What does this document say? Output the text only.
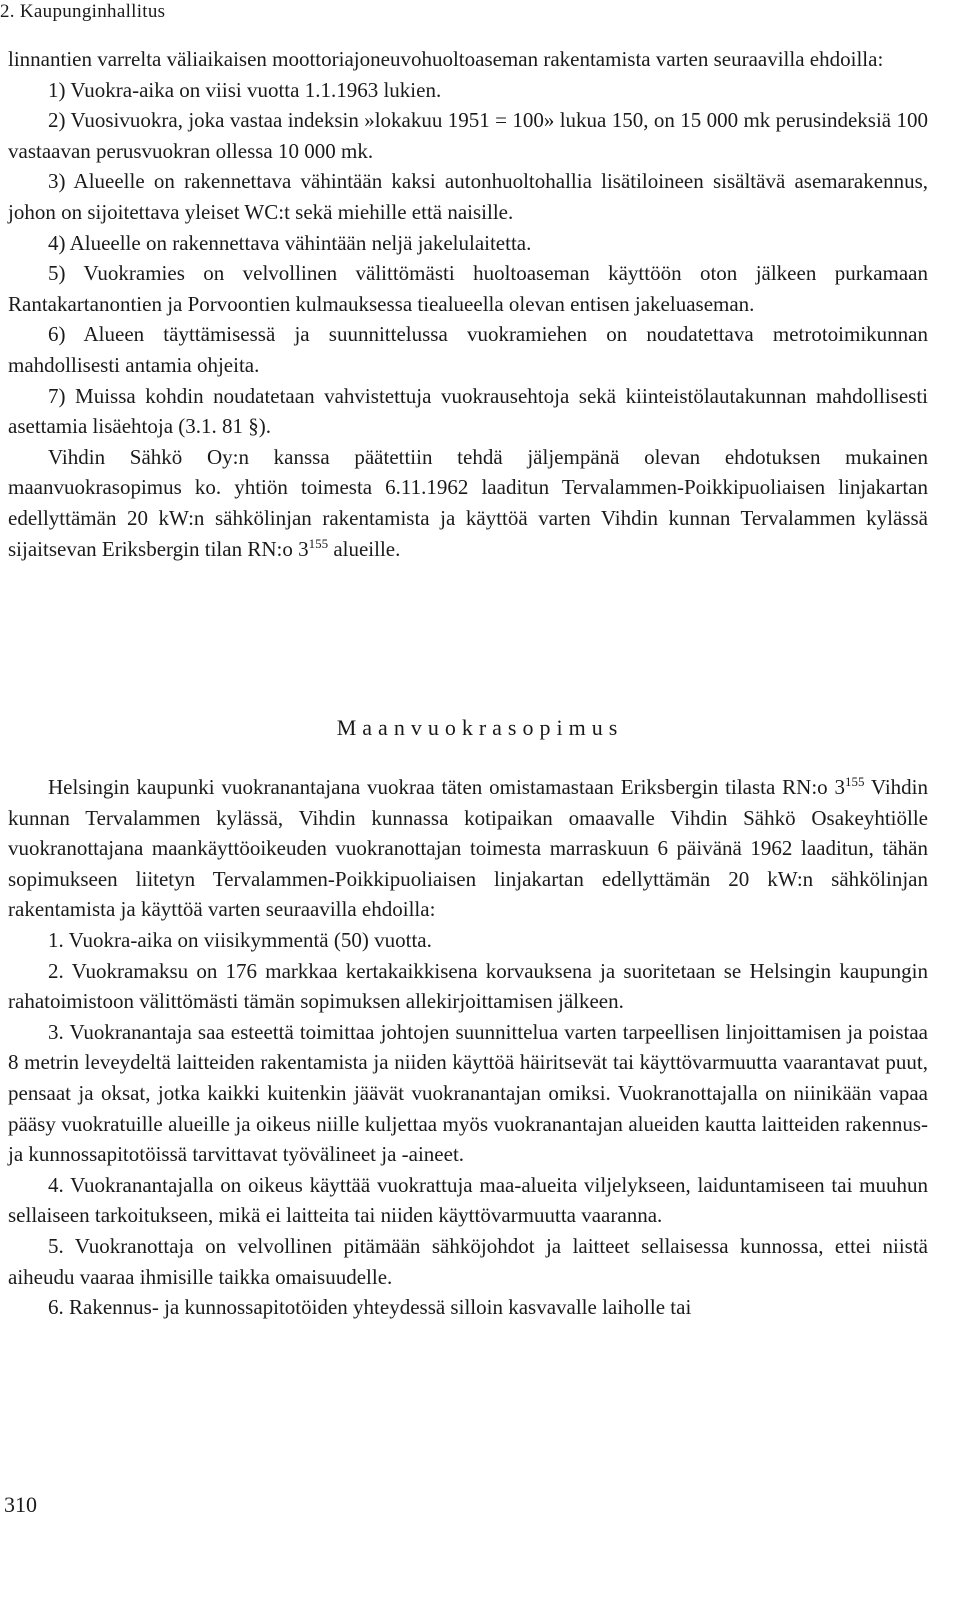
2. Kaupunginhallitus

linnantien varrelta väliaikaisen moottoriajoneuvohuoltoaseman rakentamista varten seuraavilla ehdoilla:

1) Vuokra-aika on viisi vuotta 1.1.1963 lukien.

2) Vuosivuokra, joka vastaa indeksin »lokakuu 1951 = 100» lukua 150, on 15 000 mk perusindeksiä 100 vastaavan perusvuokran ollessa 10 000 mk.

3) Alueelle on rakennettava vähintään kaksi autonhuoltohallia lisätiloineen sisältävä asemarakennus, johon on sijoitettava yleiset WC:t sekä miehille että naisille.

4) Alueelle on rakennettava vähintään neljä jakelulaitetta.

5) Vuokramies on velvollinen välittömästi huoltoaseman käyttöön oton jälkeen purkamaan Rantakartanontien ja Porvoontien kulmauksessa tiealueella olevan entisen jakeluaseman.

6) Alueen täyttämisessä ja suunnittelussa vuokramiehen on noudatettava metrotoimikunnan mahdollisesti antamia ohjeita.

7) Muissa kohdin noudatetaan vahvistettuja vuokrausehtoja sekä kiinteistölautakunnan mahdollisesti asettamia lisäehtoja (3.1. 81 §).

Vihdin Sähkö Oy:n kanssa päätettiin tehdä jäljempänä olevan ehdotuksen mukainen maanvuokrasopimus ko. yhtiön toimesta 6.11.1962 laaditun Tervalammen-Poikkipuoliaisen linjakartan edellyttämän 20 kW:n sähkölinjan rakentamista ja käyttöä varten Vihdin kunnan Tervalammen kylässä sijaitsevan Eriksbergin tilan RN:o $3^{155}$ alueille.

Maanvuokrasopimus

Helsingin kaupunki vuokranantajana vuokraa täten omistamastaan Eriksbergin tilasta RN:o $3^{155}$ Vihdin kunnan Tervalammen kylässä, Vihdin kunnassa kotipaikan omaavalle Vihdin Sähkö Osakeyhtiölle vuokranottajana maankäyttöoikeuden vuokranottajan toimesta marraskuun 6 päivänä 1962 laaditun, tähän sopimukseen liitetyn Tervalammen-Poikkipuoliaisen linjakartan edellyttämän 20 kW:n sähkölinjan rakentamista ja käyttöä varten seuraavilla ehdoilla:

1. Vuokra-aika on viisikymmentä (50) vuotta.

2. Vuokramaksu on 176 markkaa kertakaikkisena korvauksena ja suoritetaan se Helsingin kaupungin rahatoimistoon välittömästi tämän sopimuksen allekirjoittamisen jälkeen.

3. Vuokranantaja saa esteettä toimittaa johtojen suunnittelua varten tarpeellisen linjoittamisen ja poistaa 8 metrin leveydeltä laitteiden rakentamista ja niiden käyttöä häiritsevät tai käyttövarmuutta vaarantavat puut, pensaat ja oksat, jotka kaikki kuitenkin jäävät vuokranantajan omiksi. Vuokranottajalla on niinikään vapaa pääsy vuokratuille alueille ja oikeus niille kuljettaa myös vuokranantajan alueiden kautta laitteiden rakennus- ja kunnossapitotöissä tarvittavat työvälineet ja -aineet.

4. Vuokranantajalla on oikeus käyttää vuokrattuja maa-alueita viljelykseen, laiduntamiseen tai muuhun sellaiseen tarkoitukseen, mikä ei laitteita tai niiden käyttövarmuutta vaaranna.

5. Vuokranottaja on velvollinen pitämään sähköjohdot ja laitteet sellaisessa kunnossa, ettei niistä aiheudu vaaraa ihmisille taikka omaisuudelle.

6. Rakennus- ja kunnossapitotöiden yhteydessä silloin kasvavalle laiholle tai

310
